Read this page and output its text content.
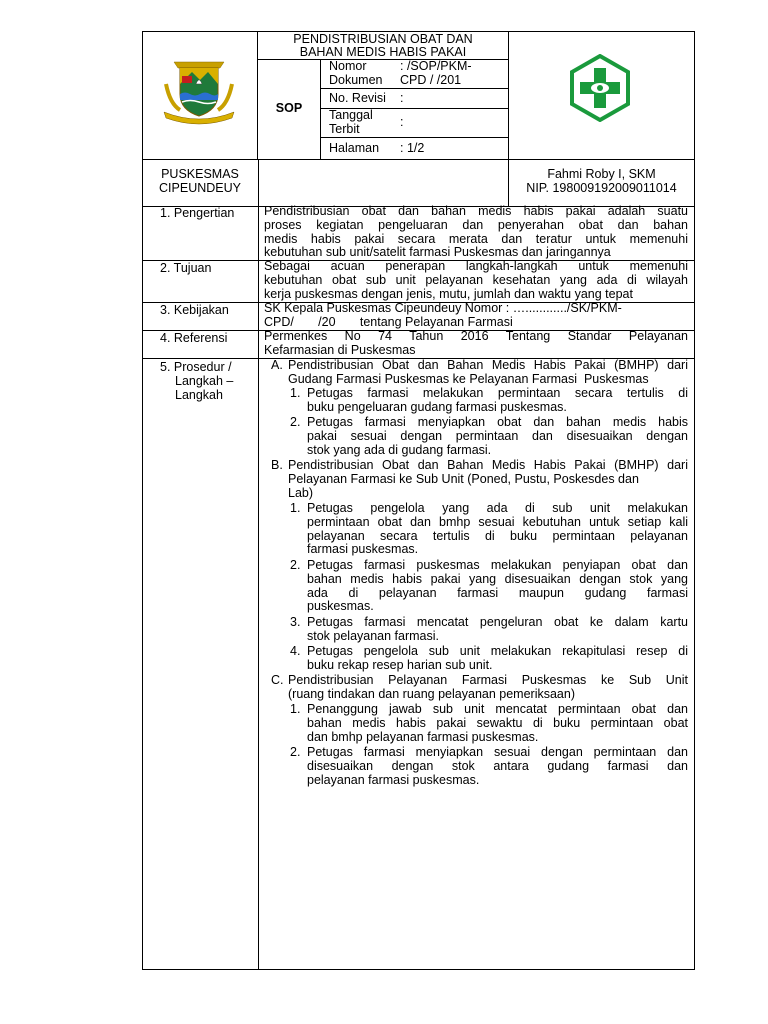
PENDISTRIBUSIAN OBAT DAN
BAHAN MEDIS HABIS PAKAI
SOP
Nomor
Dokumen
: /SOP/PKM-
CPD / /201
No. Revisi :
Tanggal
Terbit	:
Halaman : 1/2
PUSKESMAS
CIPEUNDEUY
Fahmi Roby I, SKM
NIP. 198009192009011014
1. Pengertian
2. Tujuan
3. Kebijakan
4. Referensi
5. Prosedur /
Langkah –
Langkah
Pendistribusian obat dan bahan medis habis pakai adalah suatu
proses kegiatan pengeluaran dan penyerahan obat dan bahan
medis habis pakai secara merata dan teratur untuk memenuhi
kebutuhan sub unit/satelit farmasi Puskesmas dan jaringannya
Sebagai acuan penerapan langkah-langkah untuk memenuhi
kebutuhan obat sub unit pelayanan kesehatan yang ada di wilayah
kerja puskesmas dengan jenis, mutu, jumlah dan waktu yang tepat
SK Kepala Puskesmas Cipeundeuy Nomor : …............/SK/PKM-
CPD/       /20       tentang Pelayanan Farmasi
Permenkes No 74 Tahun 2016 Tentang Standar Pelayanan
Kefarmasian di Puskesmas
A. Pendistribusian Obat dan Bahan Medis Habis Pakai (BMHP) dari
Gudang Farmasi Puskesmas ke Pelayanan Farmasi  Puskesmas
1. Petugas farmasi melakukan permintaan secara tertulis di
buku pengeluaran gudang farmasi puskesmas.
2. Petugas farmasi menyiapkan obat dan bahan medis habis
pakai sesuai dengan permintaan dan disesuaikan dengan
stok yang ada di gudang farmasi.
B. Pendistribusian Obat dan Bahan Medis Habis Pakai (BMHP) dari
Pelayanan Farmasi ke Sub Unit (Poned, Pustu, Poskesdes dan
Lab)
1. Petugas pengelola yang ada di sub unit melakukan
permintaan obat dan bmhp sesuai kebutuhan untuk setiap kali
pelayanan secara tertulis di buku permintaan pelayanan
farmasi puskesmas.
2. Petugas farmasi puskesmas melakukan penyiapan obat dan
bahan medis habis pakai yang disesuaikan dengan stok yang
ada di pelayanan farmasi maupun gudang farmasi
puskesmas.
3. Petugas farmasi mencatat pengeluran obat ke dalam kartu
stok pelayanan farmasi.
4. Petugas pengelola sub unit melakukan rekapitulasi resep di
buku rekap resep harian sub unit.
C. Pendistribusian Pelayanan Farmasi Puskesmas ke Sub Unit
(ruang tindakan dan ruang pelayanan pemeriksaan)
1. Penanggung jawab sub unit mencatat permintaan obat dan
bahan medis habis pakai sewaktu di buku permintaan obat
dan bmhp pelayanan farmasi puskesmas.
2. Petugas farmasi menyiapkan sesuai dengan permintaan dan
disesuaikan dengan stok antara gudang farmasi dan
pelayanan farmasi puskesmas.
